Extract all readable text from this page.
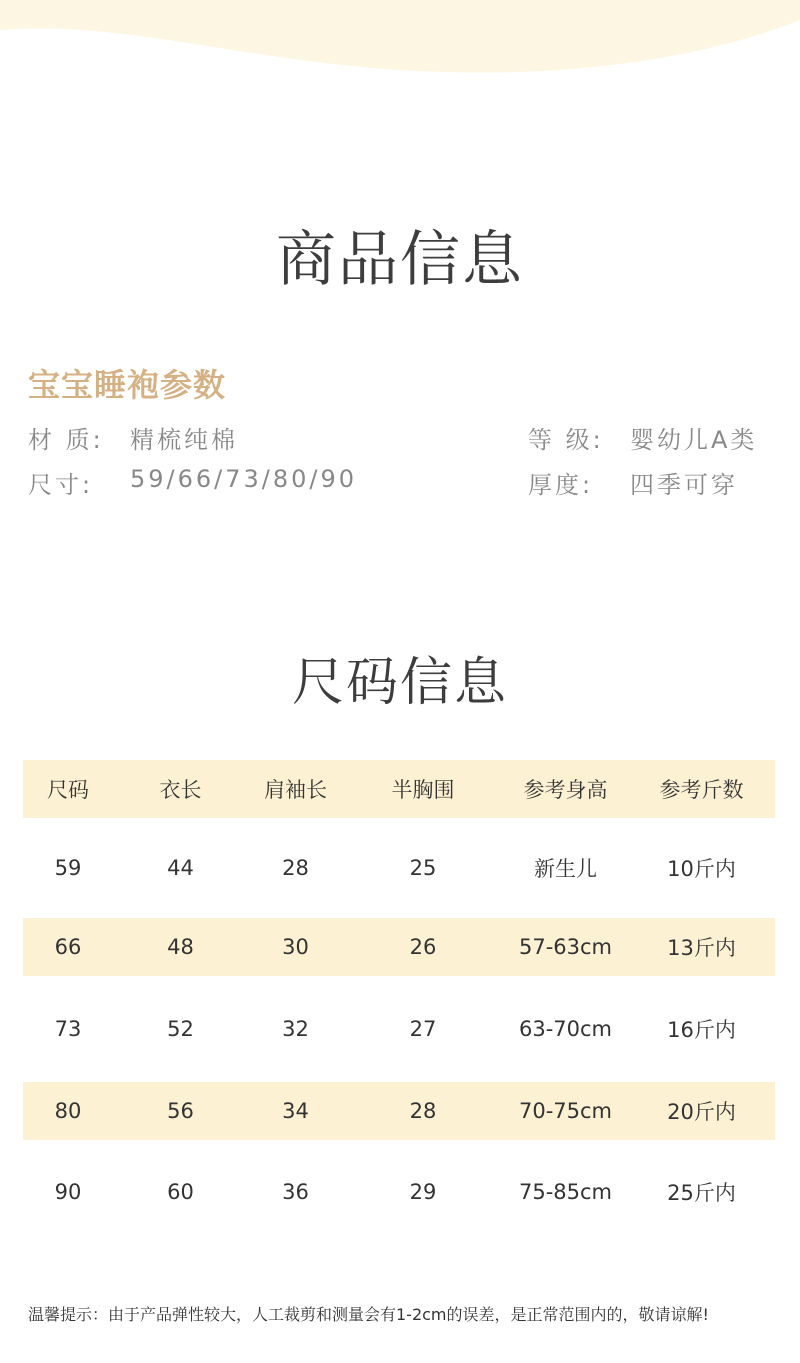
商品信息
宝宝睡袍参数
材 质: 精梳纯棉
尺寸: 59/66/73/80/90
等 级: 婴幼儿A类
厚度: 四季可穿
尺码信息
尺码	衣长	肩袖长	半胸围	参考身高	参考斤数
59	44	28	25	新生儿	10斤内
66	48	30	26	57-63cm	13斤内
73	52	32	27	63-70cm	16斤内
80	56	34	28	70-75cm	20斤内
90	60	36	29	75-85cm	25斤内
温馨提示：由于产品弹性较大，人工裁剪和测量会有1-2cm的误差，是正常范围内的，敬请谅解!
